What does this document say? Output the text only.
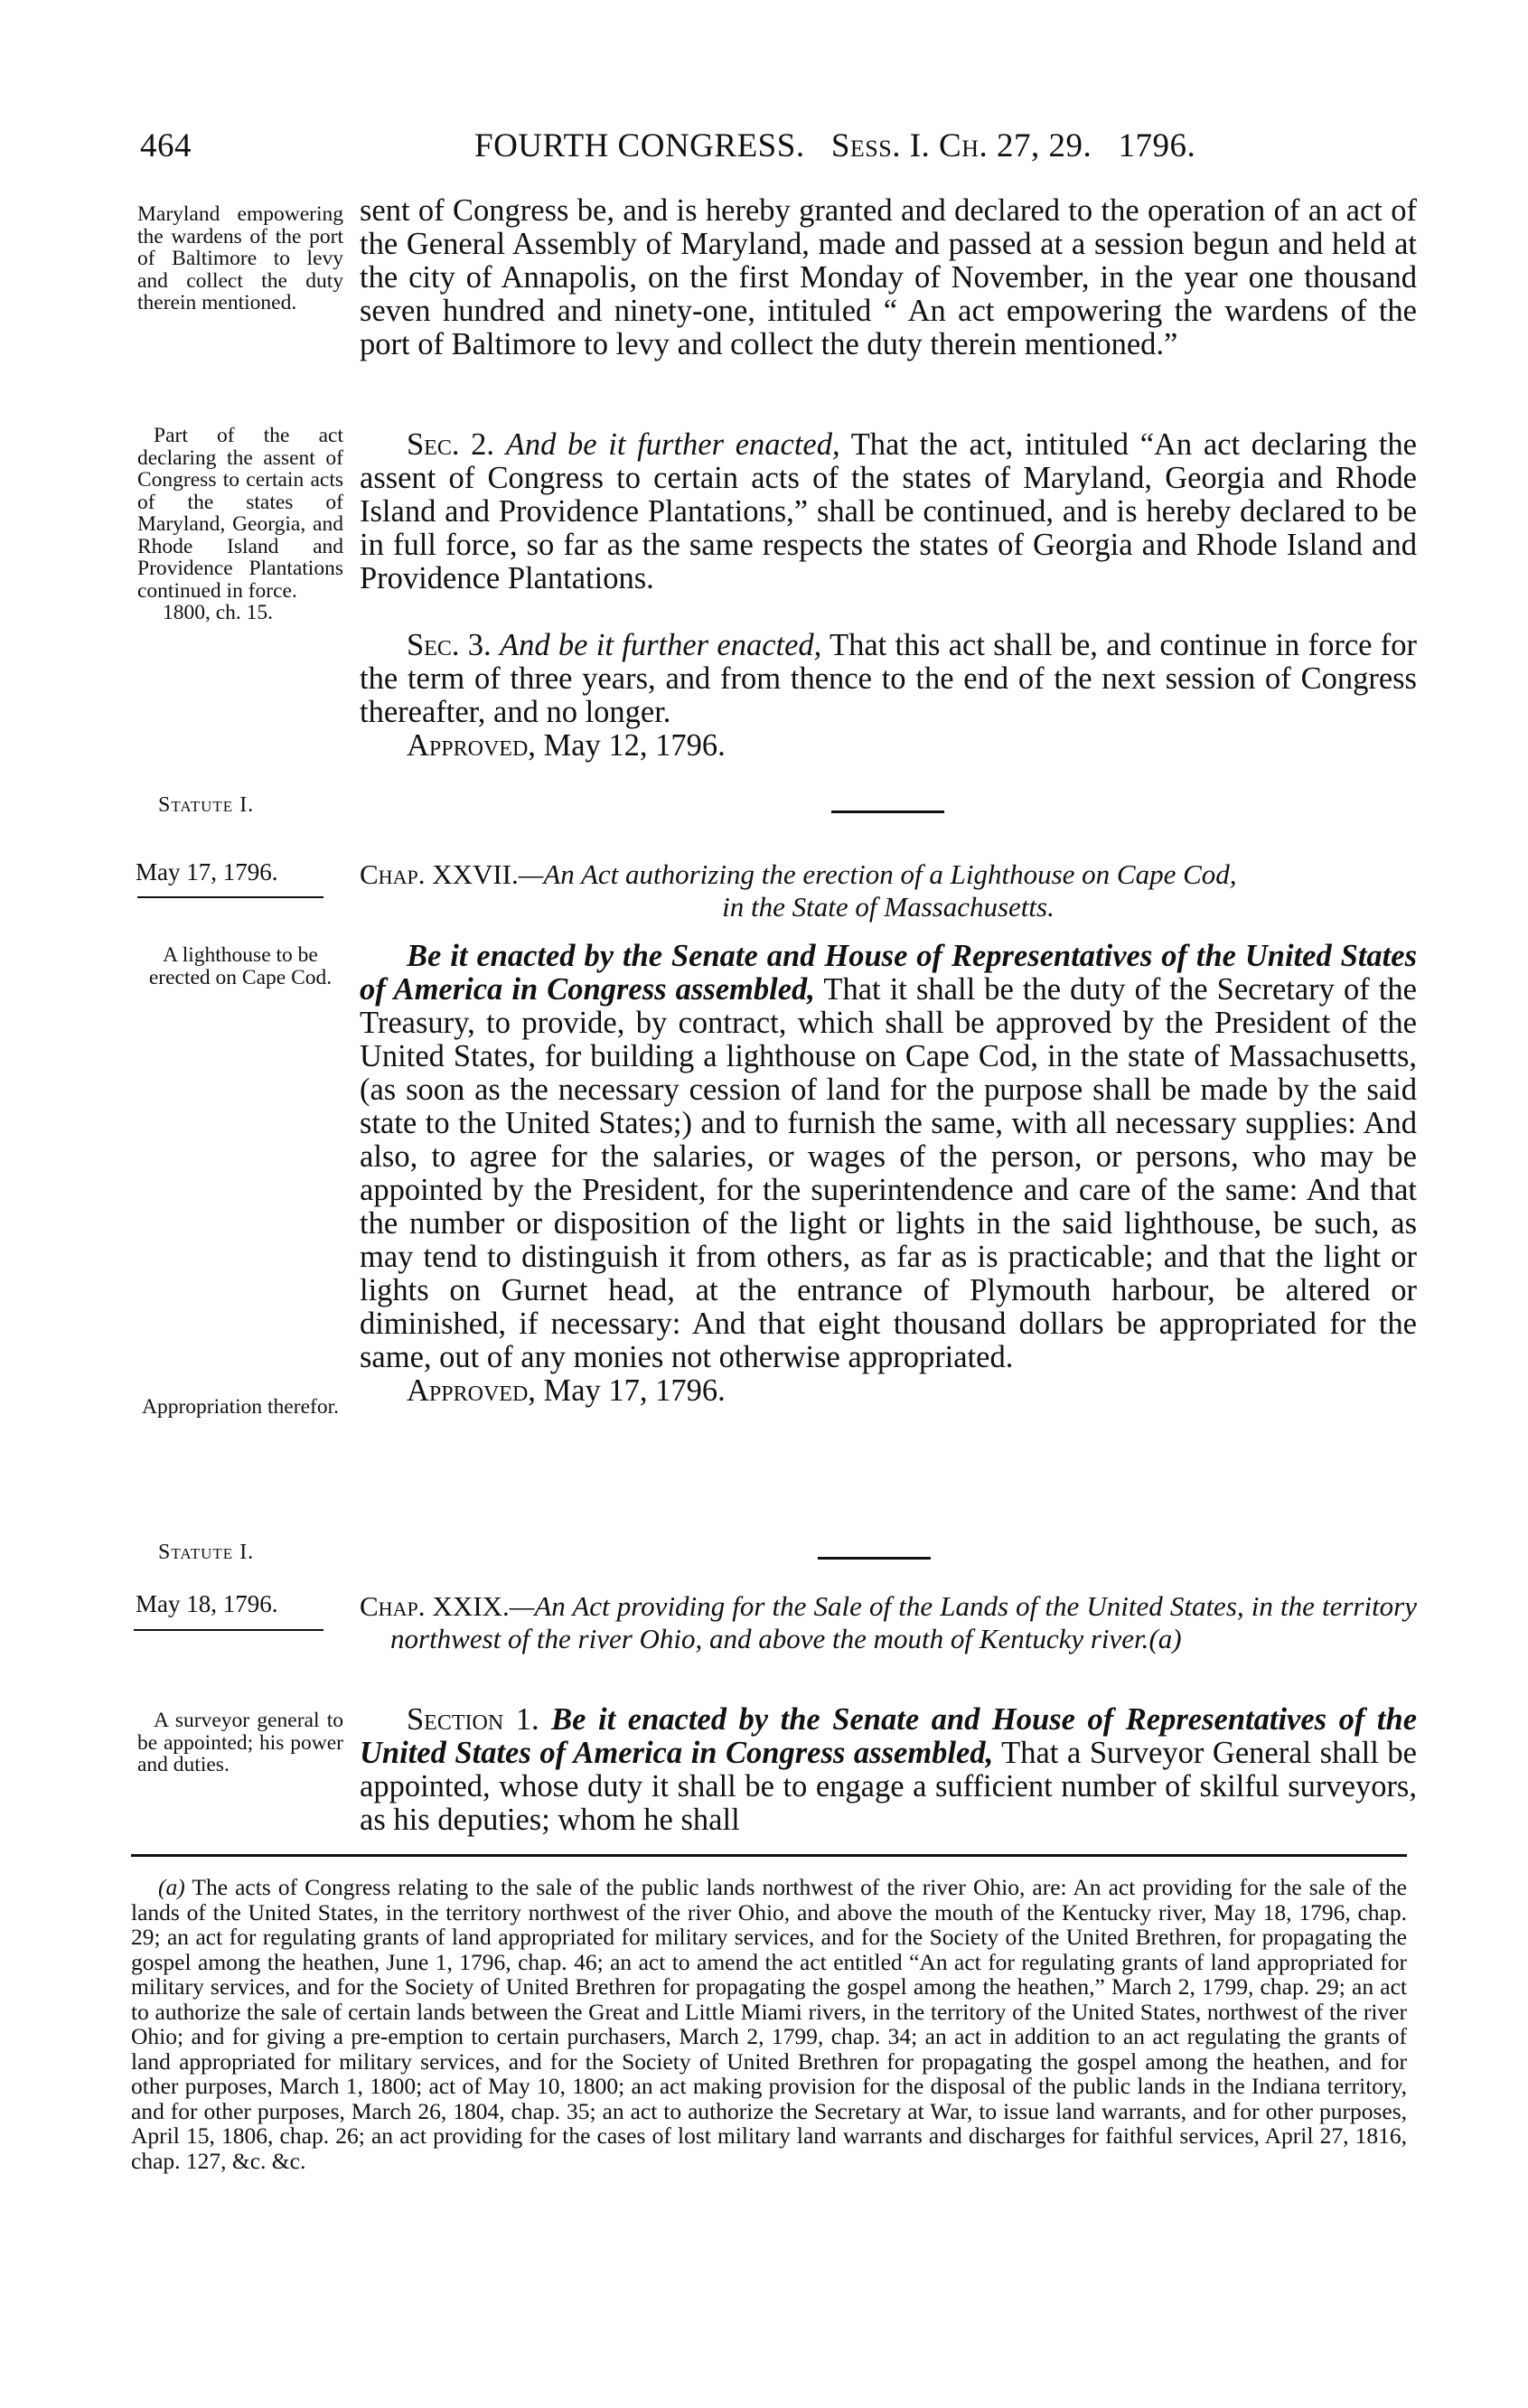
464	FOURTH CONGRESS. Sess. I. Ch. 27, 29. 1796.

Maryland empowering the wardens of the port of Baltimore to levy and collect the duty therein mentioned.

sent of Congress be, and is hereby granted and declared to the operation of an act of the General Assembly of Maryland, made and passed at a session begun and held at the city of Annapolis, on the first Monday of November, in the year one thousand seven hundred and ninety-one, intituled “ An act empowering the wardens of the port of Baltimore to levy and collect the duty therein mentioned.”

Part of the act declaring the assent of Congress to certain acts of the states of Maryland, Georgia, and Rhode Island and Providence Plantations continued in force.

1800, ch. 15.

Sec. 2. And be it further enacted, That the act, intituled “An act declaring the assent of Congress to certain acts of the states of Maryland, Georgia and Rhode Island and Providence Plantations,” shall be continued, and is hereby declared to be in full force, so far as the same respects the states of Georgia and Rhode Island and Providence Plantations.

Sec. 3. And be it further enacted, That this act shall be, and continue in force for the term of three years, and from thence to the end of the next session of Congress thereafter, and no longer.

Approved, May 12, 1796.

Statute I.
May 17, 1796.	Chap. XXVII.—An Act authorizing the erection of a Lighthouse on Cape Cod,
in the State of Massachusetts.

A lighthouse to be erected on Cape Cod.

Appropriation therefor.

Be it enacted by the Senate and House of Representatives of the United States of America in Congress assembled, That it shall be the duty of the Secretary of the Treasury, to provide, by contract, which shall be approved by the President of the United States, for building a lighthouse on Cape Cod, in the state of Massachusetts, (as soon as the necessary cession of land for the purpose shall be made by the said state to the United States;) and to furnish the same, with all necessary supplies: And also, to agree for the salaries, or wages of the person, or persons, who may be appointed by the President, for the superintendence and care of the same: And that the number or disposition of the light or lights in the said lighthouse, be such, as may tend to distinguish it from others, as far as is practicable; and that the light or lights on Gurnet head, at the entrance of Plymouth harbour, be altered or diminished, if necessary: And that eight thousand dollars be appropriated for the same, out of any monies not otherwise appropriated.

Approved, May 17, 1796.

Statute I.
May 18, 1796.	Chap. XXIX.—An Act providing for the Sale of the Lands of the United States, in the territory northwest of the river Ohio, and above the mouth of Kentucky river.(a)

A surveyor general to be appointed; his power and duties.

Section 1. Be it enacted by the Senate and House of Representatives of the United States of America in Congress assembled, That a Surveyor General shall be appointed, whose duty it shall be to engage a sufficient number of skilful surveyors, as his deputies; whom he shall

(a) The acts of Congress relating to the sale of the public lands northwest of the river Ohio, are: An act providing for the sale of the lands of the United States, in the territory northwest of the river Ohio, and above the mouth of the Kentucky river, May 18, 1796, chap. 29; an act for regulating grants of land appropriated for military services, and for the Society of the United Brethren, for propagating the gospel among the heathen, June 1, 1796, chap. 46; an act to amend the act entitled “An act for regulating grants of land appropriated for military services, and for the Society of United Brethren for propagating the gospel among the heathen,” March 2, 1799, chap. 29; an act to authorize the sale of certain lands between the Great and Little Miami rivers, in the territory of the United States, northwest of the river Ohio; and for giving a pre-emption to certain purchasers, March 2, 1799, chap. 34; an act in addition to an act regulating the grants of land appropriated for military services, and for the Society of United Brethren for propagating the gospel among the heathen, and for other purposes, March 1, 1800; act of May 10, 1800; an act making provision for the disposal of the public lands in the Indiana territory, and for other purposes, March 26, 1804, chap. 35; an act to authorize the Secretary at War, to issue land warrants, and for other purposes, April 15, 1806, chap. 26; an act providing for the cases of lost military land warrants and discharges for faithful services, April 27, 1816, chap. 127, &c. &c.
